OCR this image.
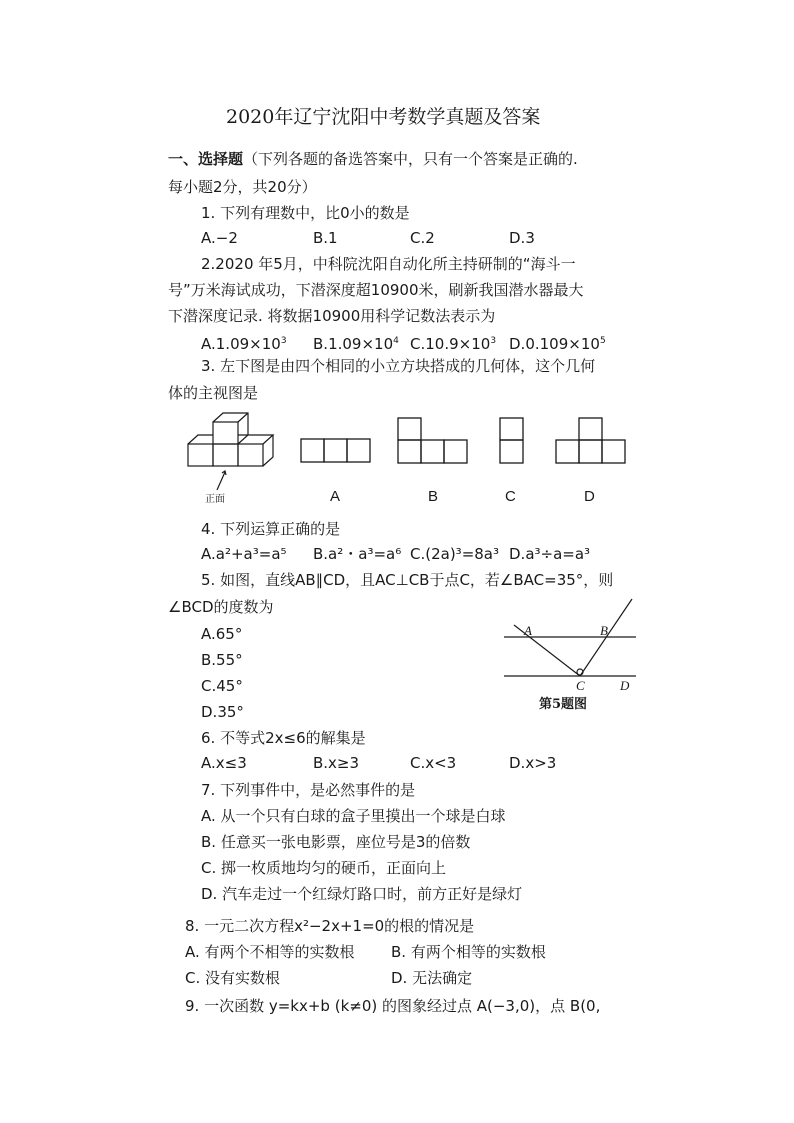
2020年辽宁沈阳中考数学真题及答案
一、选择题（下列各题的备选答案中，只有一个答案是正确的.
每小题2分，共20分）
1. 下列有理数中，比0小的数是
A.−2	B.1	C.2	D.3
2.2020 年5月，中科院沈阳自动化所主持研制的“海斗一
号”万米海试成功，下潜深度超10900米，刷新我国潜水器最大
下潜深度记录. 将数据10900用科学记数法表示为
$A.1.09\times 10^3$ $B.1.09\times 10^4$ $C.10.9\times 10^3$ $D.0.109\times 10^5$
3. 左下图是由四个相同的小立方块搭成的几何体，这个几何
体的主视图是
正面	A	B	C	D
4. 下列运算正确的是
A.a²+a³=a⁵ B.a²・a³=a⁶ C.(2a)³=8a³ D.a³÷a=a³
5. 如图，直线AB∥CD，且AC⊥CB于点C，若∠BAC=35°，则
∠BCD的度数为
A.65°
B.55°
C.45°
D.35°
A	B
C	D
第5题图
6. 不等式2x≤6的解集是
A.x≤3	B.x≥3	C.x<3	D.x>3
7. 下列事件中，是必然事件的是
A. 从一个只有白球的盒子里摸出一个球是白球
B. 任意买一张电影票，座位号是3的倍数
C. 掷一枚质地均匀的硬币，正面向上
D. 汽车走过一个红绿灯路口时，前方正好是绿灯
8. 一元二次方程x²−2x+1=0的根的情况是
A. 有两个不相等的实数根 B. 有两个相等的实数根
C. 没有实数根	D. 无法确定
9. 一次函数 y=kx+b (k≠0) 的图象经过点 A(−3,0)，点 B(0,
